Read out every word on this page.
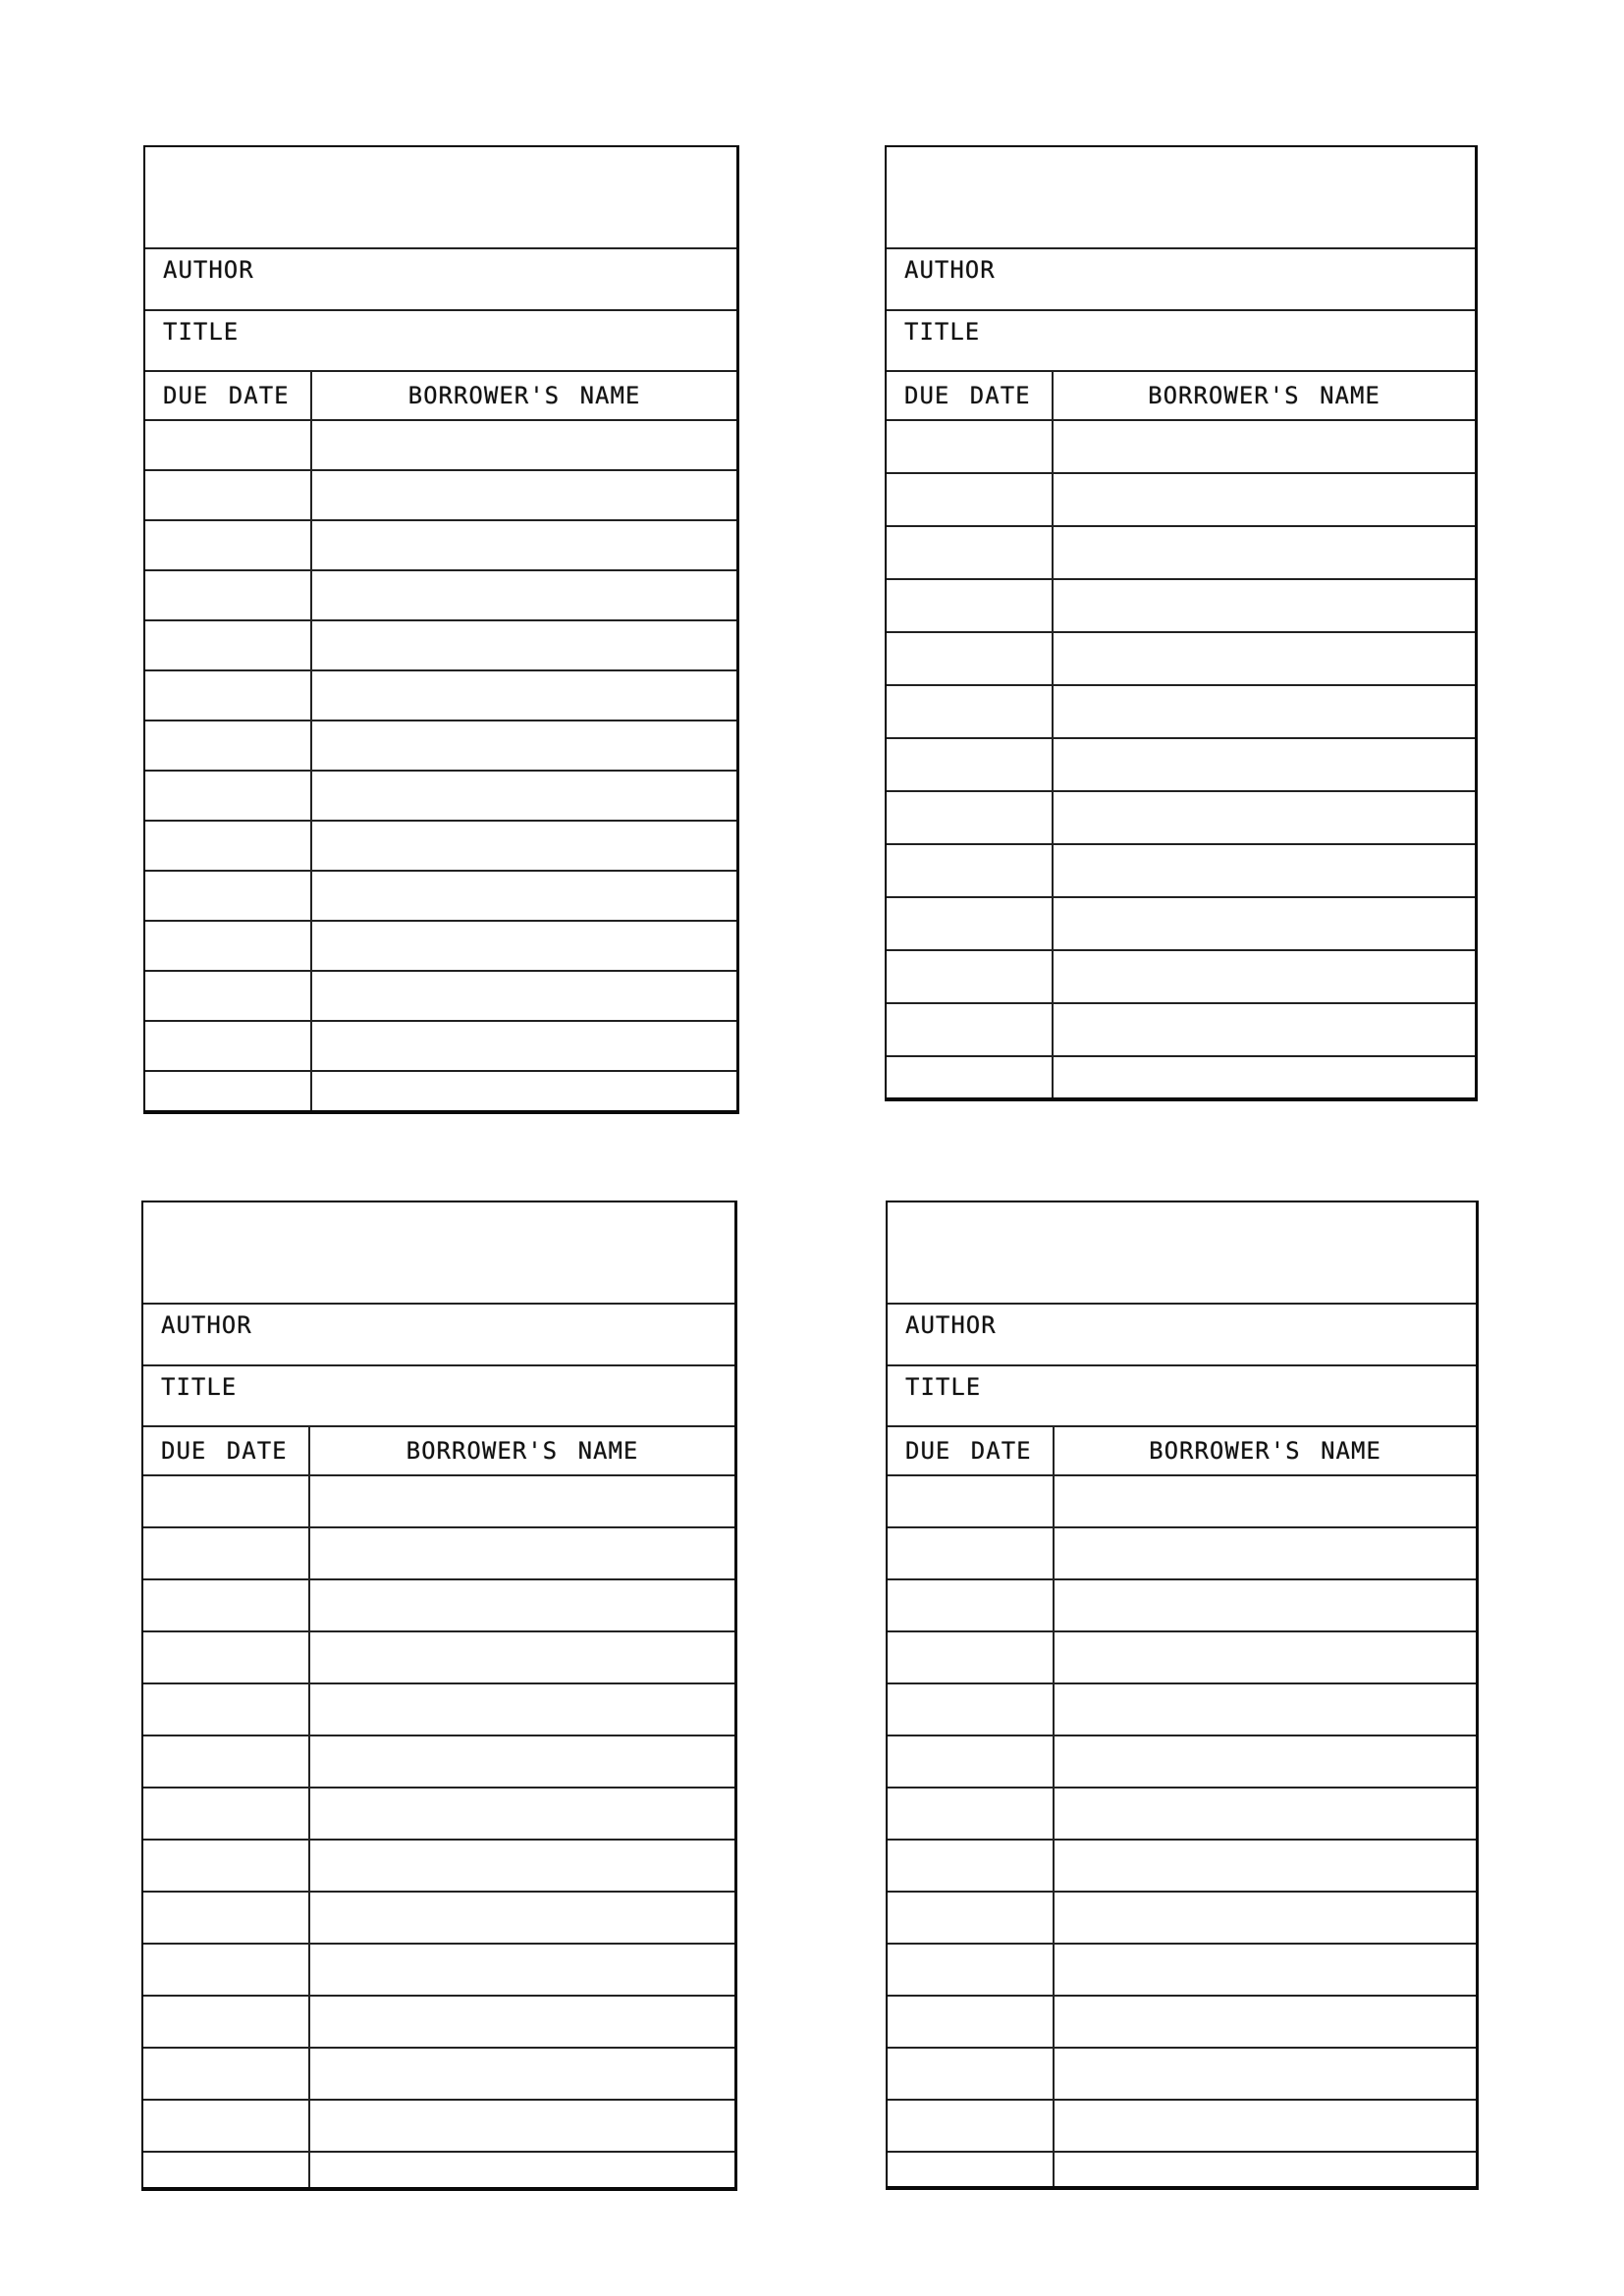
AUTHOR
TITLE
DUE DATE	BORROWER'S NAME
AUTHOR
TITLE
DUE DATE	BORROWER'S NAME
AUTHOR
TITLE
DUE DATE	BORROWER'S NAME
AUTHOR
TITLE
DUE DATE	BORROWER'S NAME
